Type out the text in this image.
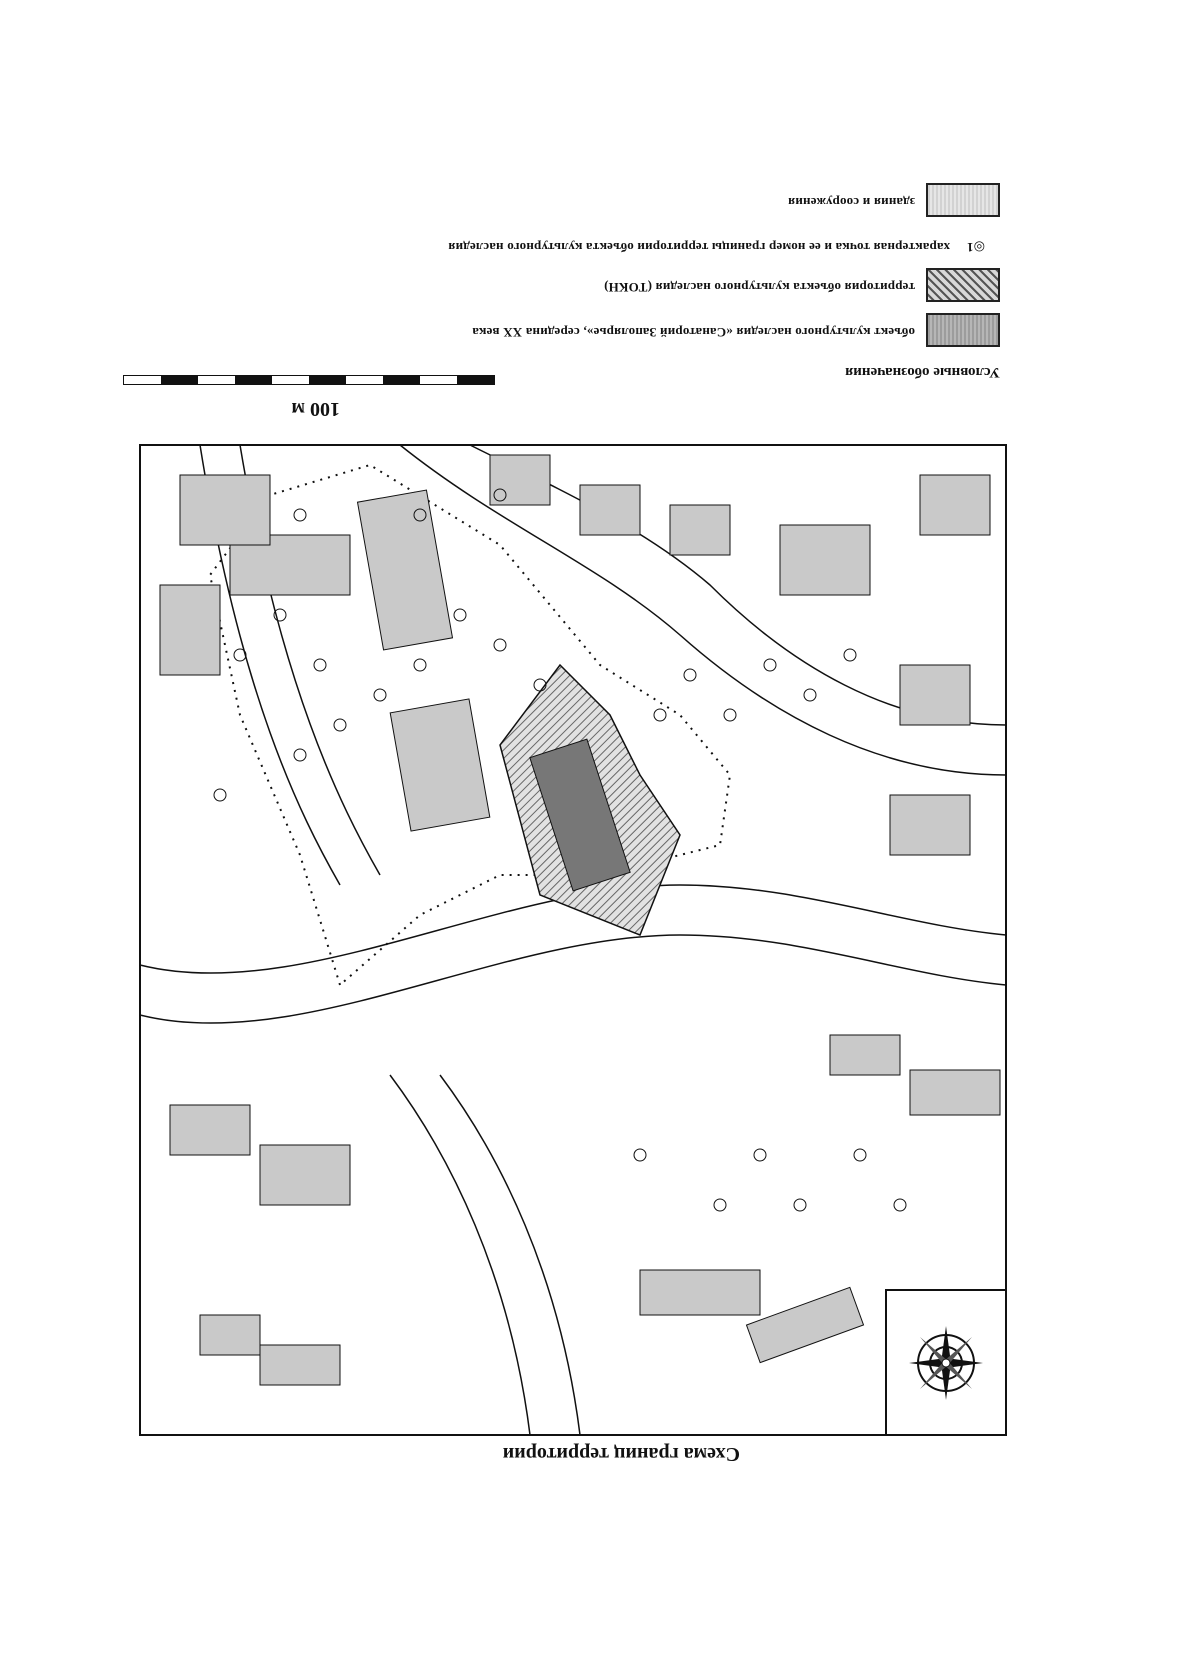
Схема границ территории
100 м
Условные обозначения
объект культурного наследия «Санаторий Заполярье», середина XX века
территория объекта культурного наследия (ТОКН)
◎1
характерная точка и ее номер границы территории объекта культурного наследия
здания и сооружения
